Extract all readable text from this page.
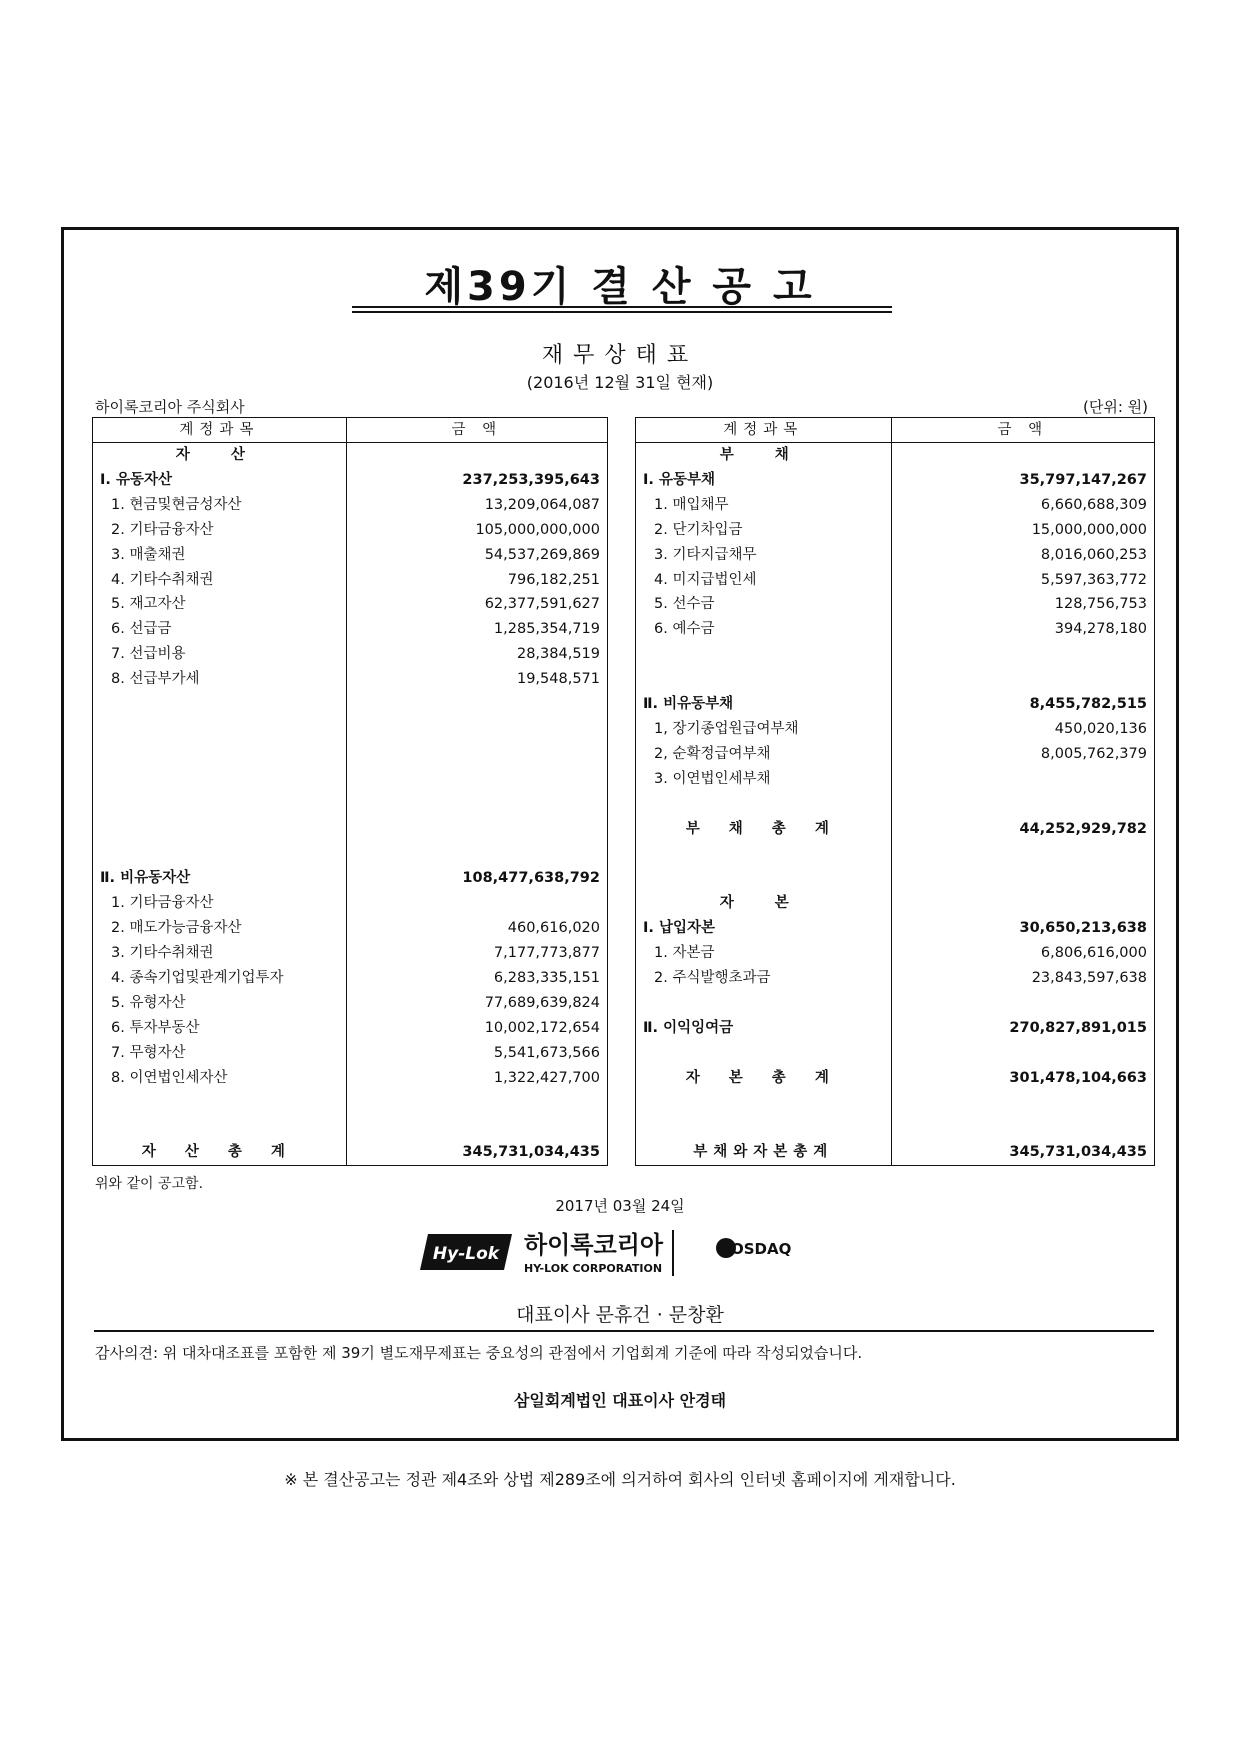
제39기 결 산 공 고
재무상태표
(2016년 12월 31일 현재)
하이록코리아 주식회사	(단위: 원)
계정과목	금 액
자 산	
Ⅰ. 유동자산	237,253,395,643
1. 현금및현금성자산	13,209,064,087
2. 기타금융자산	105,000,000,000
3. 매출채권	54,537,269,869
4. 기타수취채권	796,182,251
5. 재고자산	62,377,591,627
6. 선급금	1,285,354,719
7. 선급비용	28,384,519
8. 선급부가세	19,548,571

Ⅱ. 비유동자산	108,477,638,792
1. 기타금융자산	
2. 매도가능금융자산	460,616,020
3. 기타수취채권	7,177,773,877
4. 종속기업및관계기업투자	6,283,335,151
5. 유형자산	77,689,639,824
6. 투자부동산	10,002,172,654
7. 무형자산	5,541,673,566
8. 이연법인세자산	1,322,427,700

자 산 총 계	345,731,034,435
계정과목	금 액
부 채	
Ⅰ. 유동부채	35,797,147,267
1. 매입채무	6,660,688,309
2. 단기차입금	15,000,000,000
3. 기타지급채무	8,016,060,253
4. 미지급법인세	5,597,363,772
5. 선수금	128,756,753
6. 예수금	394,278,180

Ⅱ. 비유동부채	8,455,782,515
1, 장기종업원급여부채	450,020,136
2, 순확정급여부채	8,005,762,379
3. 이연법인세부채	

부 채 총 계	44,252,929,782

자 본	
Ⅰ. 납입자본	30,650,213,638
1. 자본금	6,806,616,000
2. 주식발행초과금	23,843,597,638

Ⅱ. 이익잉여금	270,827,891,015

자 본 총 계	301,478,104,663

부채와자본총계	345,731,034,435
위와 같이 공고함.
2017년 03월 24일
Hy-Lok 하이록코리아
HY-LOK CORPORATION
KOSDAQ
대표이사 문휴건 · 문창환
감사의견: 위 대차대조표를 포함한 제 39기 별도재무제표는 중요성의 관점에서 기업회계 기준에 따라 작성되었습니다.
삼일회계법인 대표이사 안경태
※ 본 결산공고는 정관 제4조와 상법 제289조에 의거하여 회사의 인터넷 홈페이지에 게재합니다.
